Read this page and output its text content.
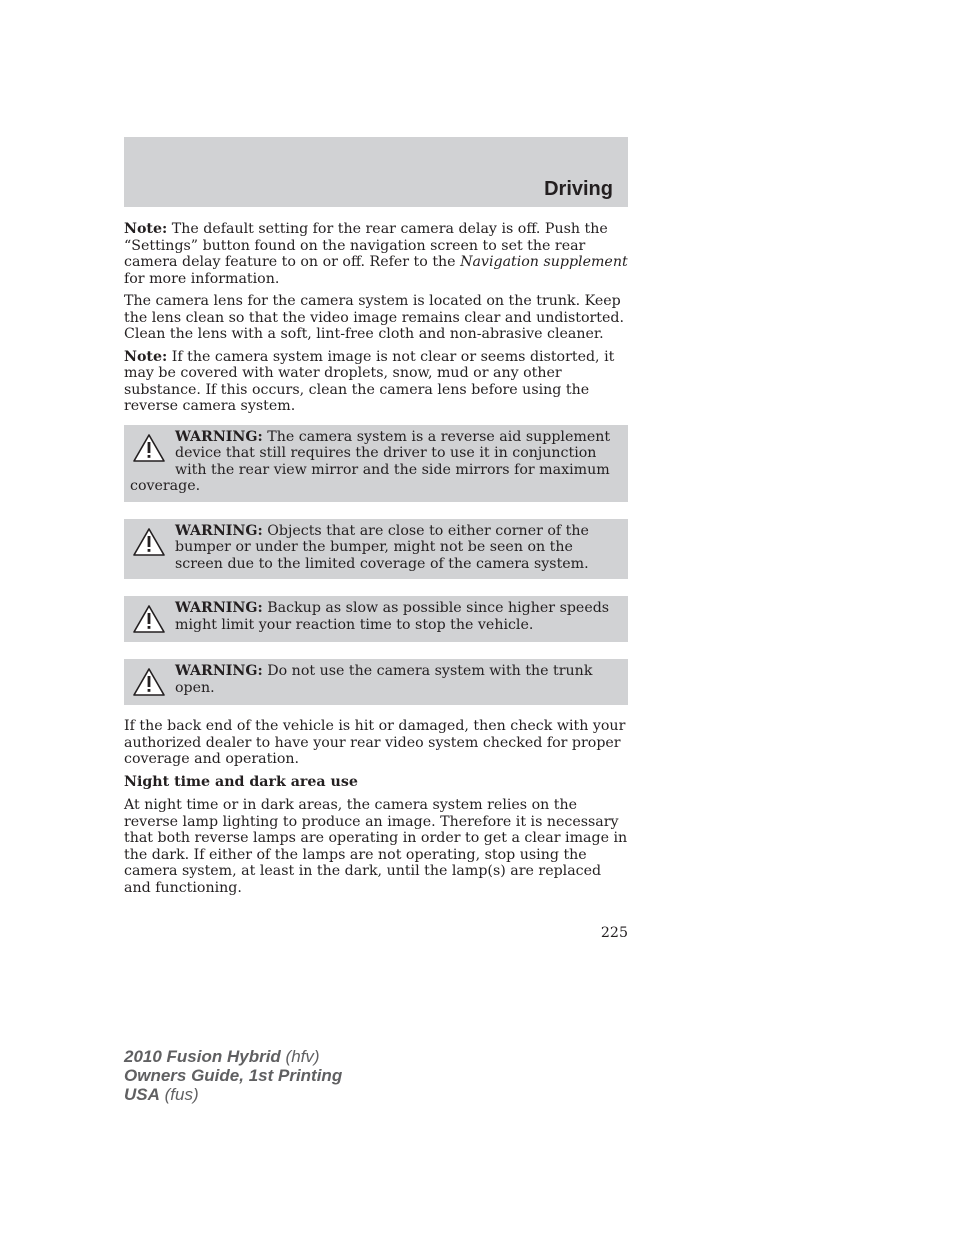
Driving

Note: The default setting for the rear camera delay is off. Push the “Settings” button found on the navigation screen to set the rear camera delay feature to on or off. Refer to the Navigation supplement for more information.

The camera lens for the camera system is located on the trunk. Keep the lens clean so that the video image remains clear and undistorted. Clean the lens with a soft, lint-free cloth and non-abrasive cleaner.

Note: If the camera system image is not clear or seems distorted, it may be covered with water droplets, snow, mud or any other substance. If this occurs, clean the camera lens before using the reverse camera system.

WARNING: The camera system is a reverse aid supplement device that still requires the driver to use it in conjunction with the rear view mirror and the side mirrors for maximum coverage.
WARNING: Objects that are close to either corner of the bumper or under the bumper, might not be seen on the screen due to the limited coverage of the camera system.
WARNING: Backup as slow as possible since higher speeds might limit your reaction time to stop the vehicle.
WARNING: Do not use the camera system with the trunk open.

If the back end of the vehicle is hit or damaged, then check with your authorized dealer to have your rear video system checked for proper coverage and operation.

Night time and dark area use

At night time or in dark areas, the camera system relies on the reverse lamp lighting to produce an image. Therefore it is necessary that both reverse lamps are operating in order to get a clear image in the dark. If either of the lamps are not operating, stop using the camera system, at least in the dark, until the lamp(s) are replaced and functioning.

225
2010 Fusion Hybrid (hfv)
Owners Guide, 1st Printing
USA (fus)
